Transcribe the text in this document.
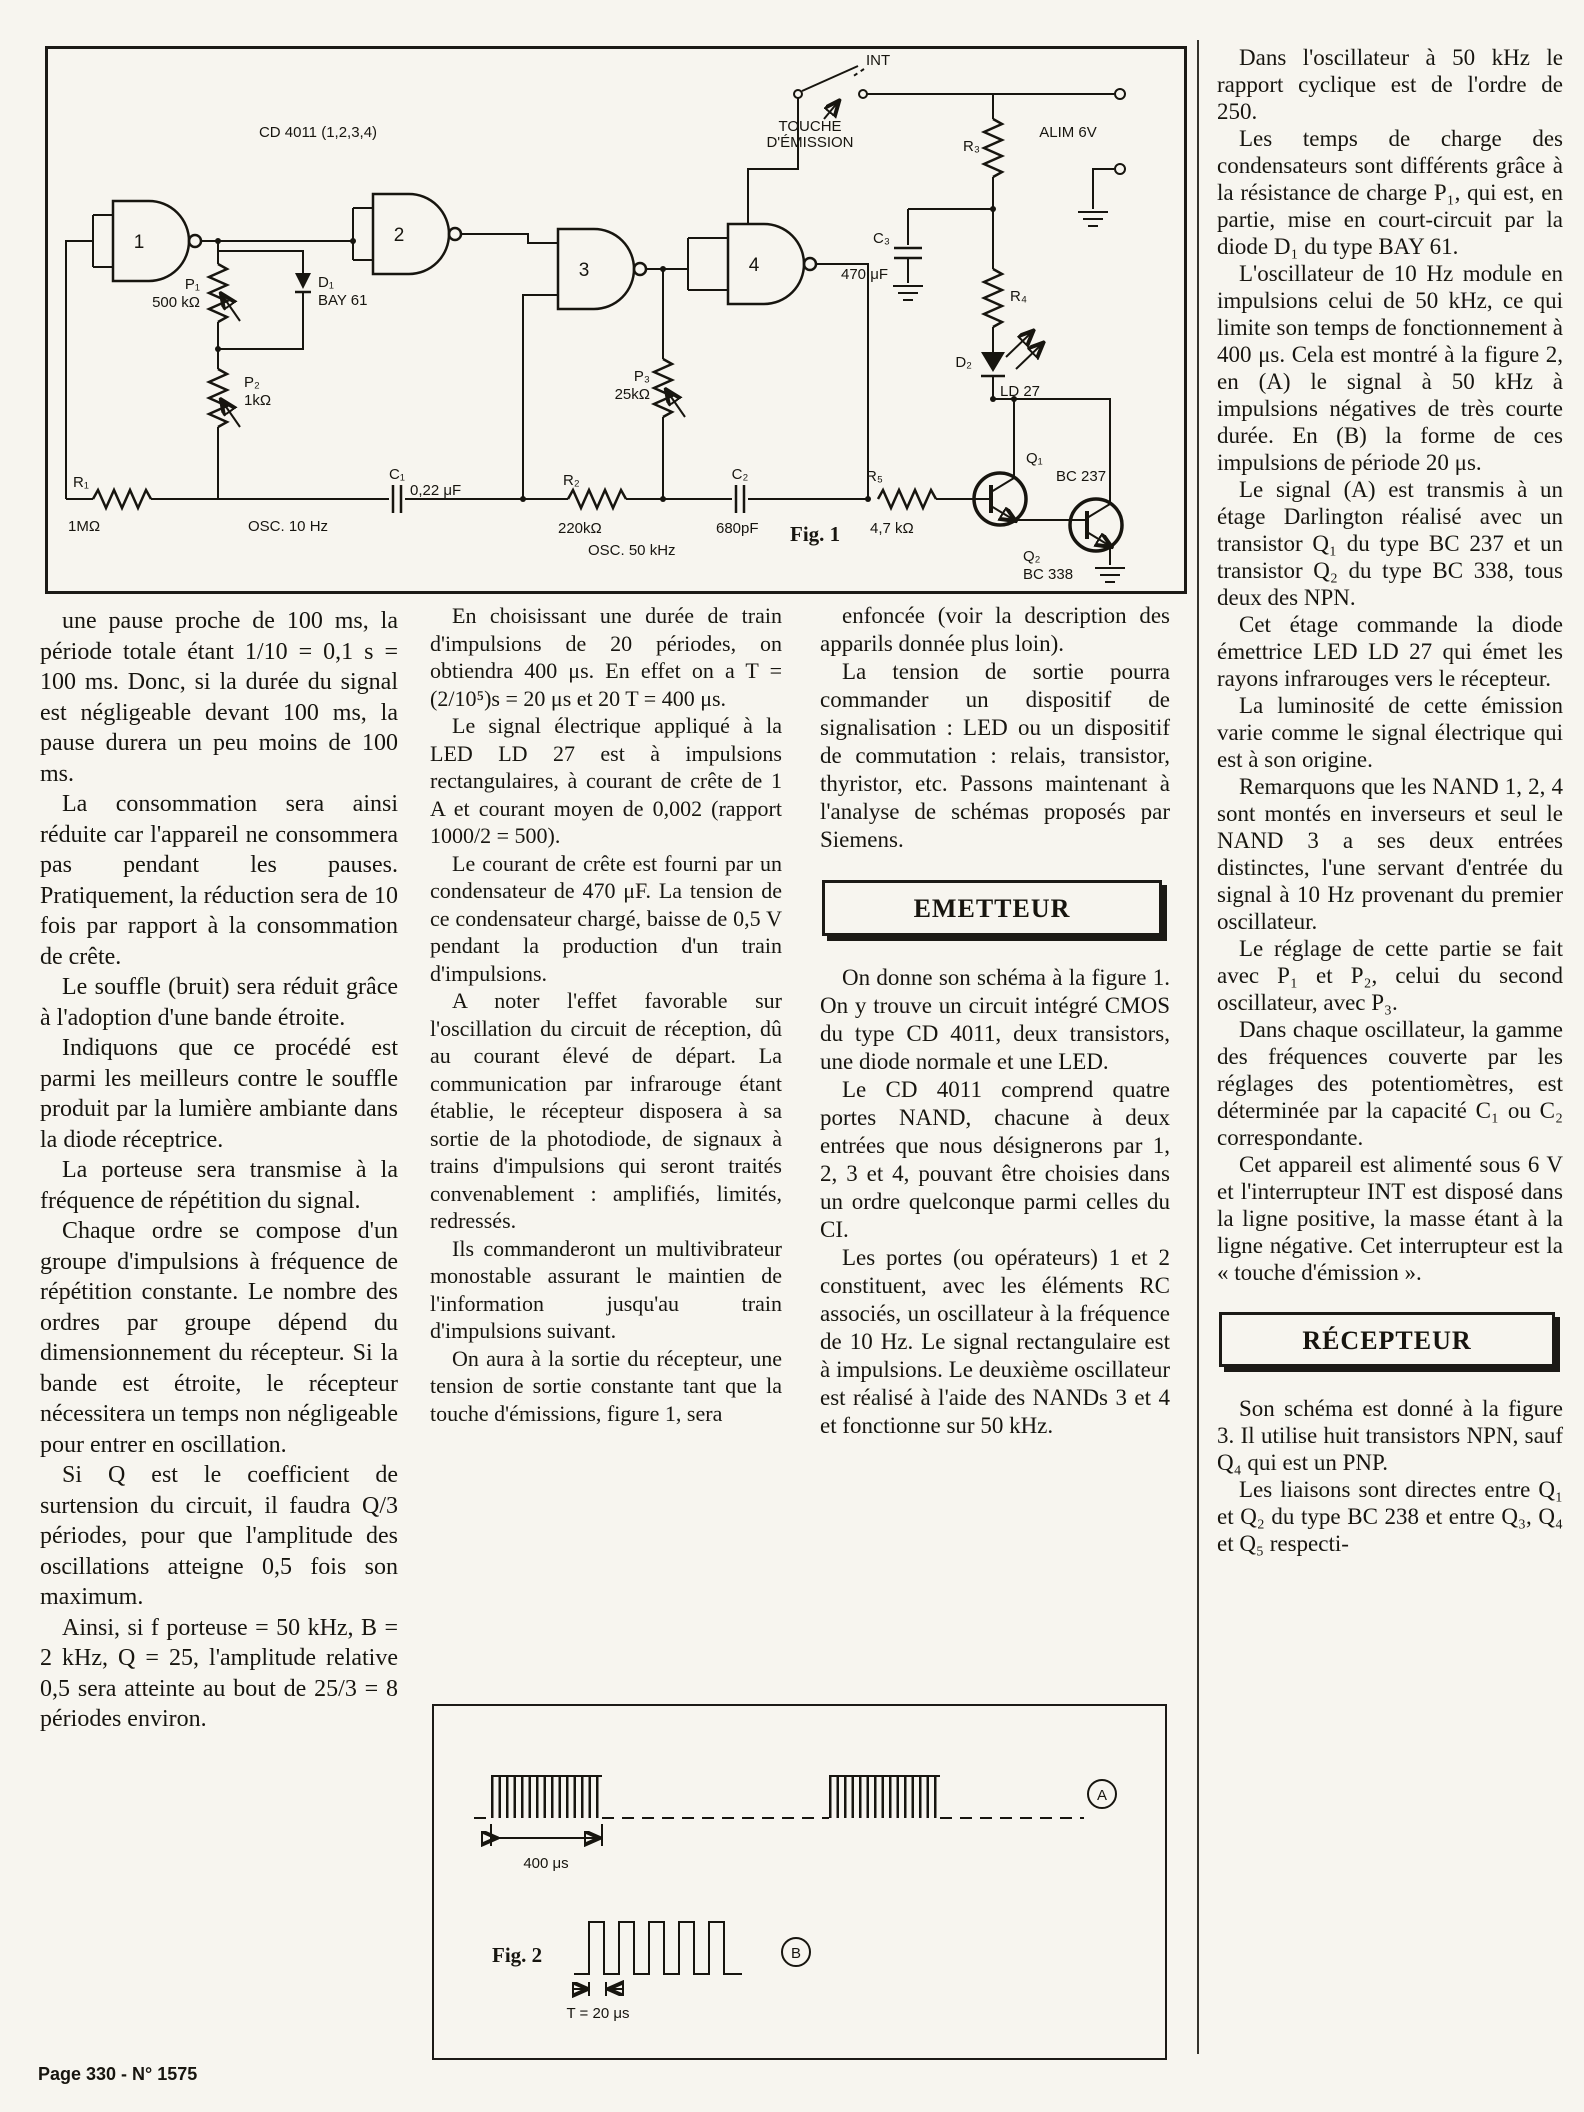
1	2
3	4
CD 4011 (1,2,3,4)
INT
TOUCHE
D'ÉMISSION
ALIM 6V
R₃
R₄
C₃
470 μF
D₂
LD 27
Q₁
BC 237
Q₂
BC 338
R₅
4,7 kΩ
C₂
680pF
R₂
220kΩ
OSC. 50 kHz
P₃
25kΩ
C₁
0,22 μF
R₁
1MΩ	OSC. 10 Hz
P₁
500 kΩ
D₁
BAY 61
P₂
1kΩ
Fig. 1

une pause proche de 100 ms, la période totale étant 1/10 = 0,1 s = 100 ms. Donc, si la durée du signal est négligeable devant 100 ms, la pause durera un peu moins de 100 ms.

La consommation sera ainsi réduite car l'appareil ne consommera pas pendant les pauses. Pratiquement, la réduction sera de 10 fois par rapport à la consommation de crête.

Le souffle (bruit) sera réduit grâce à l'adoption d'une bande étroite.

Indiquons que ce procédé est parmi les meilleurs contre le souffle produit par la lumière ambiante dans la diode réceptrice.

La porteuse sera transmise à la fréquence de répétition du signal.

Chaque ordre se compose d'un groupe d'impulsions à fréquence de répétition constante. Le nombre des ordres par groupe dépend du dimensionnement du récepteur. Si la bande est étroite, le récepteur nécessitera un temps non négligeable pour entrer en oscillation.

Si Q est le coefficient de surtension du circuit, il faudra Q/3 périodes, pour que l'amplitude des oscillations atteigne 0,5 fois son maximum.

Ainsi, si f porteuse = 50 kHz, B = 2 kHz, Q = 25, l'amplitude relative 0,5 sera atteinte au bout de 25/3 = 8 périodes environ.

En choisissant une durée de train d'impulsions de 20 périodes, on obtiendra 400 μs. En effet on a T = (2/10⁵)s = 20 μs et 20 T = 400 μs.

Le signal électrique appliqué à la LED LD 27 est à impulsions rectangulaires, à courant de crête de 1 A et courant moyen de 0,002 (rapport 1000/2 = 500).

Le courant de crête est fourni par un condensateur de 470 μF. La tension de ce condensateur chargé, baisse de 0,5 V pendant la production d'un train d'impulsions.

A noter l'effet favorable sur l'oscillation du circuit de réception, dû au courant élevé de départ. La communication par infrarouge étant établie, le récepteur disposera à sa sortie de la photodiode, de signaux à trains d'impulsions qui seront traités convenablement : amplifiés, limités, redressés.

Ils commanderont un multivibrateur monostable assurant le maintien de l'information jusqu'au train d'impulsions suivant.

On aura à la sortie du récepteur, une tension de sortie constante tant que la touche d'émissions, figure 1, sera

enfoncée (voir la description des apparils donnée plus loin).

La tension de sortie pourra commander un dispositif de signalisation : LED ou un dispositif de commutation : relais, transistor, thyristor, etc. Passons maintenant à l'analyse de schémas proposés par Siemens.

EMETTEUR

On donne son schéma à la figure 1. On y trouve un circuit intégré CMOS du type CD 4011, deux transistors, une diode normale et une LED.

Le CD 4011 comprend quatre portes NAND, chacune à deux entrées que nous désignerons par 1, 2, 3 et 4, pouvant être choisies dans un ordre quelconque parmi celles du CI.

Les portes (ou opérateurs) 1 et 2 constituent, avec les éléments RC associés, un oscillateur à la fréquence de 10 Hz. Le signal rectangulaire est à impulsions. Le deuxième oscillateur est réalisé à l'aide des NANDs 3 et 4 et fonctionne sur 50 kHz.

Dans l'oscillateur à 50 kHz le rapport cyclique est de l'ordre de 250.

Les temps de charge des condensateurs sont différents grâce à la résistance de charge P₁, qui est, en partie, mise en court-circuit par la diode D₁ du type BAY 61.

L'oscillateur de 10 Hz module en impulsions celui de 50 kHz, ce qui limite son temps de fonctionnement à 400 μs. Cela est montré à la figure 2, en (A) le signal à 50 kHz à impulsions négatives de très courte durée. En (B) la forme de ces impulsions de période 20 μs.

Le signal (A) est transmis à un étage Darlington réalisé avec un transistor Q₁ du type BC 237 et un transistor Q₂ du type BC 338, tous deux des NPN.

Cet étage commande la diode émettrice LED LD 27 qui émet les rayons infrarouges vers le récepteur.

La luminosité de cette émission varie comme le signal électrique qui est à son origine.

Remarquons que les NAND 1, 2, 4 sont montés en inverseurs et seul le NAND 3 a ses deux entrées distinctes, l'une servant d'entrée du signal à 10 Hz provenant du premier oscillateur.

Le réglage de cette partie se fait avec P₁ et P₂, celui du second oscillateur, avec P₃.

Dans chaque oscillateur, la gamme des fréquences couverte par les réglages des potentiomètres, est déterminée par la capacité C₁ ou C₂ correspondante.

Cet appareil est alimenté sous 6 V et l'interrupteur INT est disposé dans la ligne positive, la masse étant à la ligne négative. Cet interrupteur est la « touche d'émission ».

RÉCEPTEUR

Son schéma est donné à la figure 3. Il utilise huit transistors NPN, sauf Q₄ qui est un PNP.

Les liaisons sont directes entre Q₁ et Q₂ du type BC 238 et entre Q₃, Q₄ et Q₅ respecti-

A
400 μs
B
T = 20 μs
Fig. 2
Page 330 - N° 1575
